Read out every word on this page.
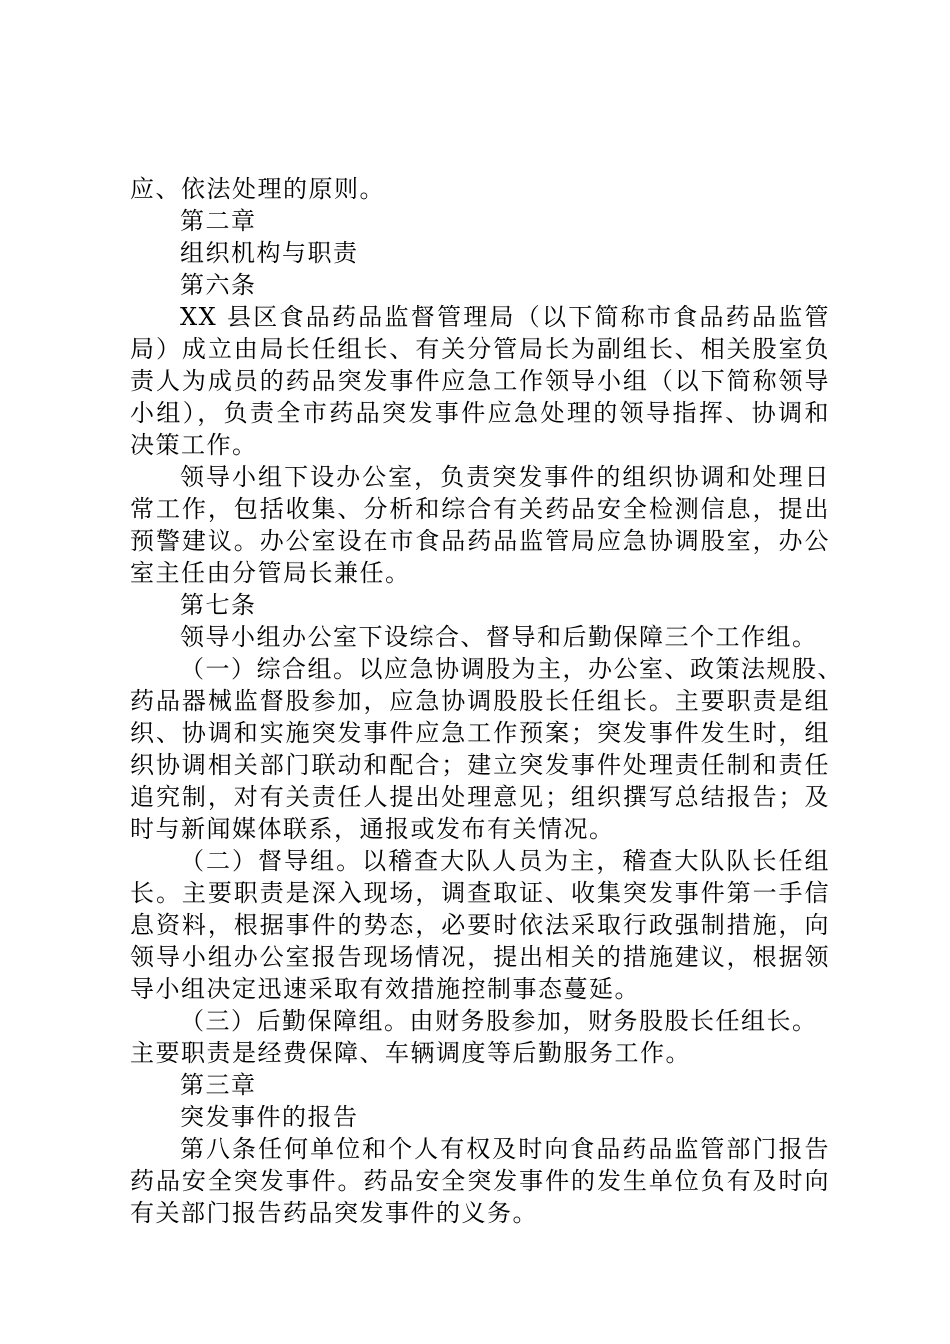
应、依法处理的原则。
第二章
组织机构与职责
第六条
XX 县区食品药品监督管理局（以下简称市食品药品监管
局）成立由局长任组长、有关分管局长为副组长、相关股室负
责人为成员的药品突发事件应急工作领导小组（以下简称领导
小组），负责全市药品突发事件应急处理的领导指挥、协调和
决策工作。
领导小组下设办公室，负责突发事件的组织协调和处理日
常工作，包括收集、分析和综合有关药品安全检测信息，提出
预警建议。办公室设在市食品药品监管局应急协调股室，办公
室主任由分管局长兼任。
第七条
领导小组办公室下设综合、督导和后勤保障三个工作组。
（一）综合组。以应急协调股为主，办公室、政策法规股、
药品器械监督股参加，应急协调股股长任组长。主要职责是组
织、协调和实施突发事件应急工作预案；突发事件发生时，组
织协调相关部门联动和配合；建立突发事件处理责任制和责任
追究制，对有关责任人提出处理意见；组织撰写总结报告；及
时与新闻媒体联系，通报或发布有关情况。
（二）督导组。以稽查大队人员为主，稽查大队队长任组
长。主要职责是深入现场，调查取证、收集突发事件第一手信
息资料，根据事件的势态，必要时依法采取行政强制措施，向
领导小组办公室报告现场情况，提出相关的措施建议，根据领
导小组决定迅速采取有效措施控制事态蔓延。
（三）后勤保障组。由财务股参加，财务股股长任组长。
主要职责是经费保障、车辆调度等后勤服务工作。
第三章
突发事件的报告
第八条任何单位和个人有权及时向食品药品监管部门报告
药品安全突发事件。药品安全突发事件的发生单位负有及时向
有关部门报告药品突发事件的义务。
